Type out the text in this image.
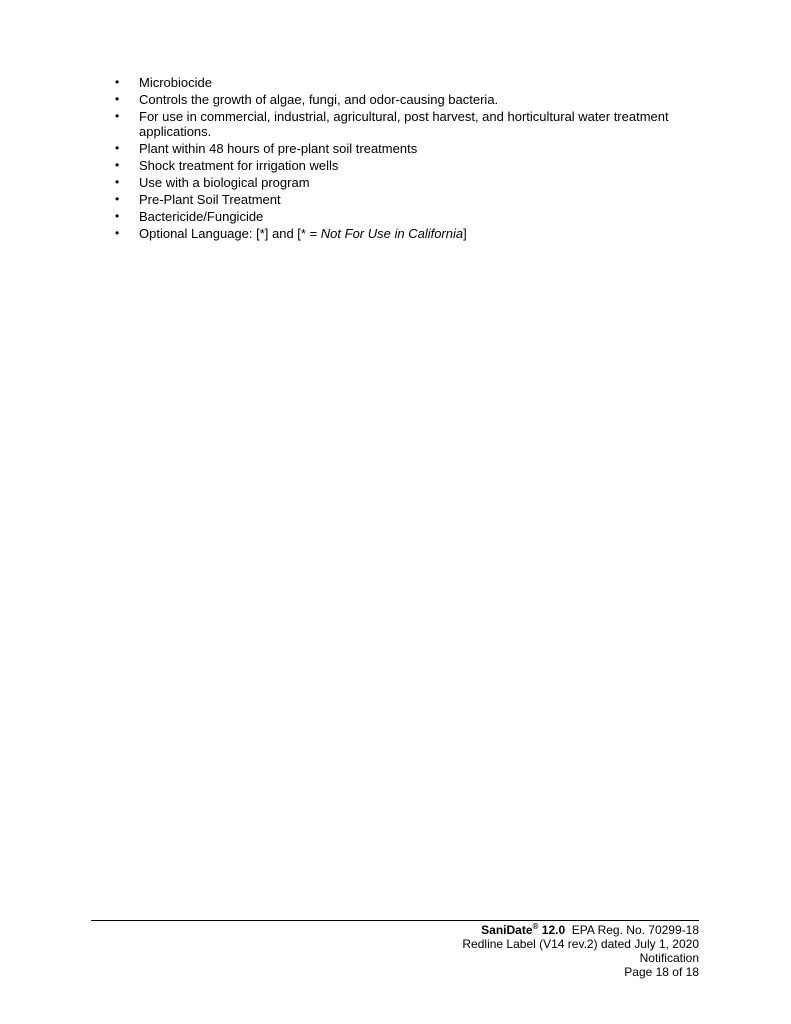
• Microbiocide
• Controls the growth of algae, fungi, and odor-causing bacteria.
• For use in commercial, industrial, agricultural, post harvest, and horticultural water treatment applications.
• Plant within 48 hours of pre-plant soil treatments
• Shock treatment for irrigation wells
• Use with a biological program
• Pre-Plant Soil Treatment
• Bactericide/Fungicide
• Optional Language: [*] and [* = Not For Use in California]
SaniDate® 12.0 EPA Reg. No. 70299-18
Redline Label (V14 rev.2) dated July 1, 2020
Notification
Page 18 of 18
